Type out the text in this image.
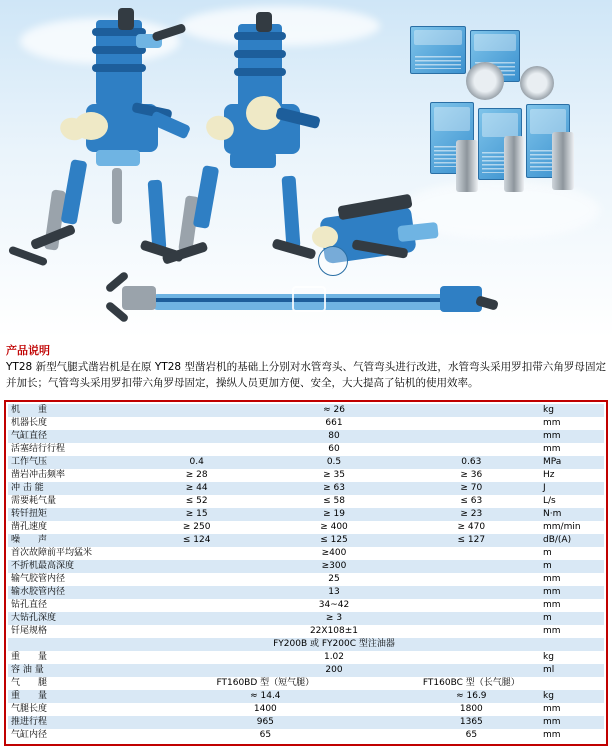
产品说明
YT28 新型气腿式凿岩机是在原 YT28 型凿岩机的基础上分别对水管弯头、气管弯头进行改进，水管弯头采用罗扣带六角罗母固定并加长；气管弯头采用罗扣带六角罗母固定，操纵人员更加方便、安全，大大提高了钻机的使用效率。
机　　重	≈ 26			kg
机器长度	661			mm
气缸直径	80			mm
活塞结行行程	60			mm
工作气压	0.4	0.5	0.63	MPa
凿岩冲击频率	≥ 28	≥ 35	≥ 36	Hz
冲 击 能	≥ 44	≥ 63	≥ 70	J
需要耗气量	≤ 52	≤ 58	≤ 63	L/s
转钎扭矩	≥ 15	≥ 19	≥ 23	N·m
凿孔速度	≥ 250	≥ 400	≥ 470	mm/min
噪　　声	≤ 124	≤ 125	≤ 127	dB/(A)
首次故障前平均猛米	≥400			m
不折机最高深度	≥300			m
输气胶管内径	25			mm
输水胶管内径	13			mm
钻孔直径	34~42			mm
大钻孔深度	≥ 3			m
钎尾规格	22X108±1			mm
	FY200B 或 FY200C 型注油器			
重　　量	1.02			kg
容 油 量	200			ml
气　　腿	FT160BD 型（短气腿）		FT160BC 型（长气腿）	
重　　量	≈ 14.4		≈ 16.9	kg
气腿长度	1400		1800	mm
推进行程	965		1365	mm
气缸内径	65		65	mm
